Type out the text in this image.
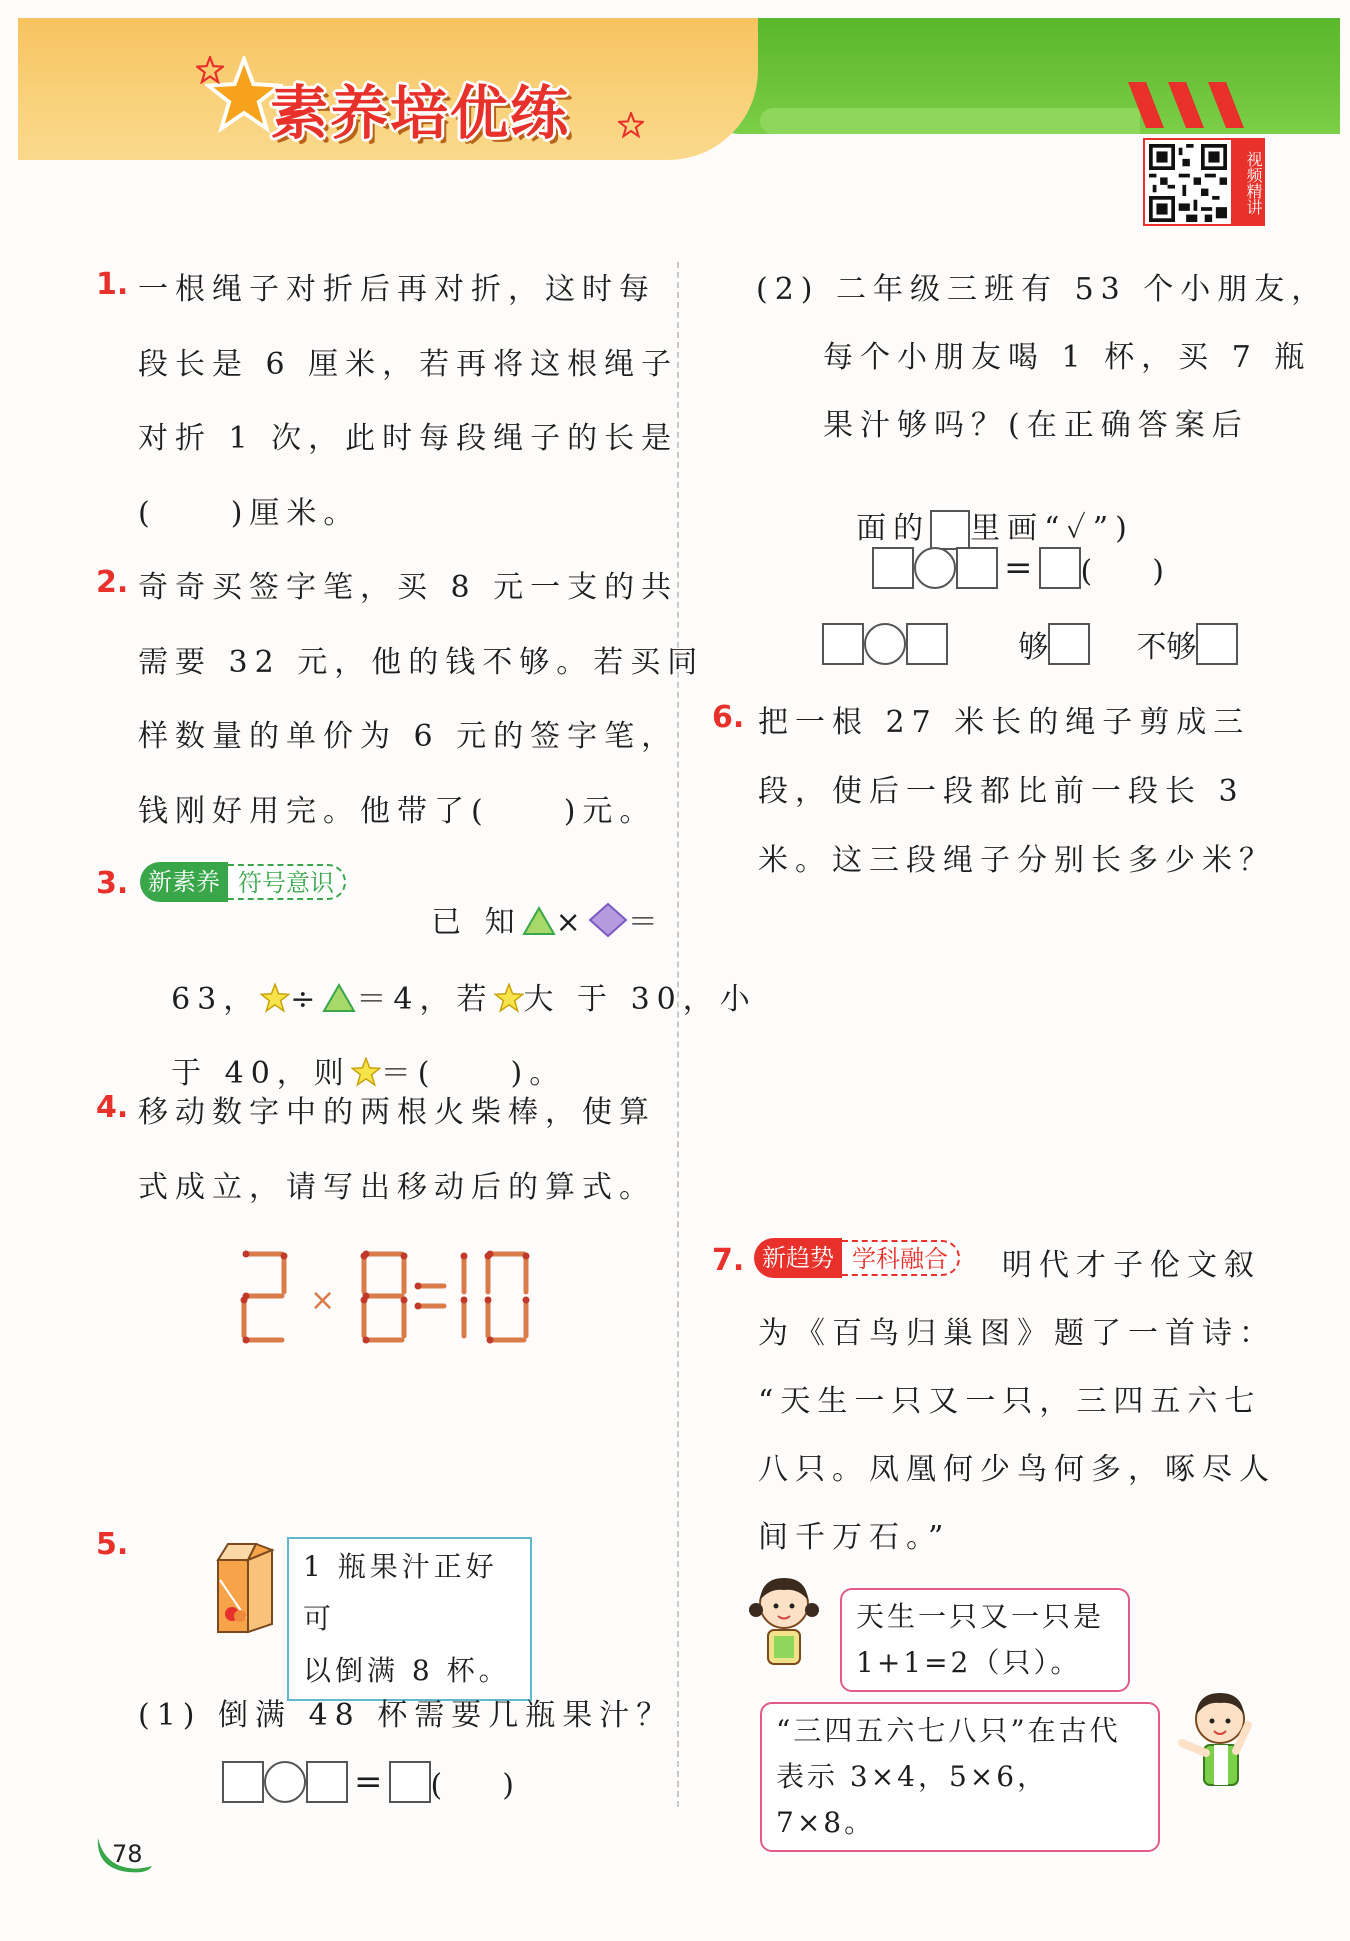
素养培优练
视频精讲
1. 一根绳子对折后再对折，这时每
段长是 6 厘米，若再将这根绳子
对折 1 次，此时每段绳子的长是
(　　)厘米。
2. 奇奇买签字笔，买 8 元一支的共
需要 32 元，他的钱不够。若买同
样数量的单价为 6 元的签字笔，
钱刚好用完。他带了(　　)元。
3. 新素养 符号意识

已 知 × ＝

63， ÷ ＝4，若 大 于 30，小

于 40，则 ＝(　　)。

4. 移动数字中的两根火柴棒，使算
式成立，请写出移动后的算式。
×
5.
1 瓶果汁正好可
以倒满 8 杯。
(1) 倒满 48 杯需要几瓶果汁？
= (　　)
(2) 二年级三班有 53 个小朋友，
每个小朋友喝 1 杯，买 7 瓶
果汁够吗？(在正确答案后

面的 里画“✓”)

= (　　)
够	不够
6. 把一根 27 米长的绳子剪成三
段，使后一段都比前一段长 3
米。这三段绳子分别长多少米？
7. 新趋势 学科融合	明代才子伦文叙
为《百鸟归巢图》题了一首诗：
“天生一只又一只，三四五六七
八只。凤凰何少鸟何多，啄尽人
间千万石。”
天生一只又一只是
1+1=2（只）。
“三四五六七八只”在古代
表示 3×4，5×6，7×8。
78
